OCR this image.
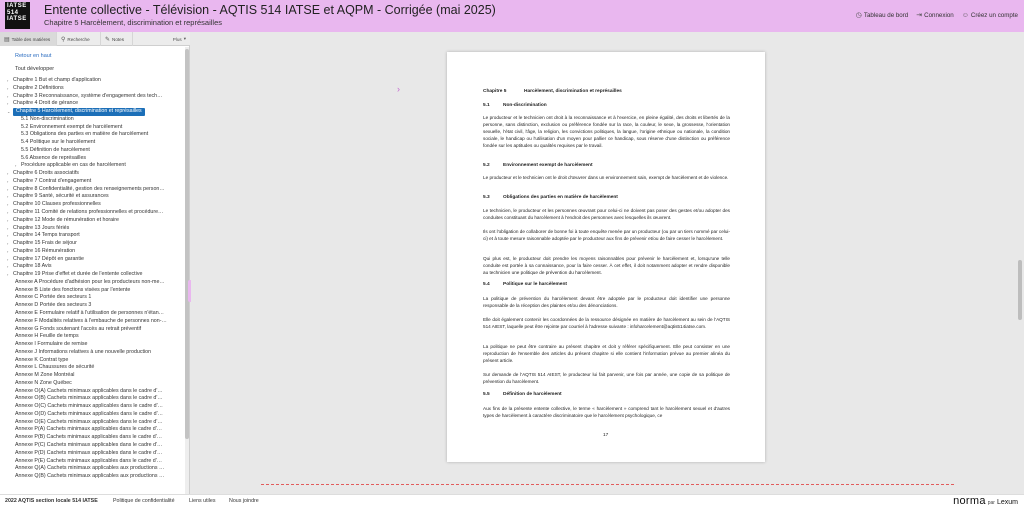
IATSE
514
IATSE
Entente collective - Télévision - AQTIS 514 IATSE et AQPM - Corrigée (mai 2025)
Chapitre 5 Harcèlement, discrimination et représailles
◷ Tableau de bord ⇥ Connexion ☺ Créez un compte
▤ Table des matières ⚲ Recherche	✎ Notes	Plus ▾
Retour en haut
Tout développer
› Chapitre 1 But et champ d'application
› Chapitre 2 Définitions
› Chapitre 3 Reconnaissance, système d'engagement des tech…
› Chapitre 4 Droit de gérance
⌄	Chapitre 5 Harcèlement, discrimination et représailles
5.1 Non-discrimination
5.2 Environnement exempt de harcèlement
5.3 Obligations des parties en matière de harcèlement
5.4 Politique sur le harcèlement
5.5 Définition de harcèlement
5.6 Absence de représailles
› Procédure applicable en cas de harcèlement
› Chapitre 6 Droits associatifs
› Chapitre 7 Contrat d'engagement
› Chapitre 8 Confidentialité, gestion des renseignements person…
› Chapitre 9 Santé, sécurité et assurances
› Chapitre 10 Clauses professionnelles
› Chapitre 11 Comité de relations professionnelles et procédure…
› Chapitre 12 Mode de rémunération et horaire
› Chapitre 13 Jours fériés
› Chapitre 14 Temps transport
› Chapitre 15 Frais de séjour
› Chapitre 16 Rémunération
› Chapitre 17 Dépôt en garantie
› Chapitre 18 Avis
› Chapitre 19 Prise d'effet et durée de l'entente collective
Annexe A Procédure d'adhésion pour les producteurs non-me…
Annexe B Liste des fonctions visées par l'entente
Annexe C Portée des secteurs 1
Annexe D Portée des secteurs 3
Annexe E Formulaire relatif à l'utilisation de personnes n'étan…
Annexe F Modalités relatives à l'embauche de personnes non-…
Annexe G Fonds soutenant l'accès au retrait préventif
Annexe H Feuille de temps
Annexe I Formulaire de remise
Annexe J Informations relatives à une nouvelle production
Annexe K Contrat type
Annexe L Chaussures de sécurité
Annexe M Zone Montréal
Annexe N Zone Québec
Annexe O(A) Cachets minimaux applicables dans le cadre d'…
Annexe O(B) Cachets minimaux applicables dans le cadre d'…
Annexe O(C) Cachets minimaux applicables dans le cadre d'…
Annexe O(D) Cachets minimaux applicables dans le cadre d'…
Annexe O(E) Cachets minimaux applicables dans le cadre d'…
Annexe P(A) Cachets minimaux applicables dans le cadre d'…
Annexe P(B) Cachets minimaux applicables dans le cadre d'…
Annexe P(C) Cachets minimaux applicables dans le cadre d'…
Annexe P(D) Cachets minimaux applicables dans le cadre d'…
Annexe P(E) Cachets minimaux applicables dans le cadre d'…
Annexe Q(A) Cachets minimaux applicables aux productions …
Annexe Q(B) Cachets minimaux applicables aux productions …
›	Chapitre 5	Harcèlement, discrimination et représailles
5.1	Non-discrimination
Le producteur et le technicien ont droit à la reconnaissance et à l'exercice, en pleine égalité, des droits et libertés de la personne, sans distinction, exclusion ou préférence fondée sur la race, la couleur, le sexe, la grossesse, l'orientation sexuelle, l'état civil, l'âge, la religion, les convictions politiques, la langue, l'origine ethnique ou nationale, la condition sociale, le handicap ou l'utilisation d'un moyen pour pallier ce handicap, sous réserve d'une distinction ou préférence fondée sur les aptitudes ou qualités requises par le travail.
5.2	Environnement exempt de harcèlement
Le producteur et le technicien ont le droit d'œuvrer dans un environnement sain, exempt de harcèlement et de violence.
5.3	Obligations des parties en matière de harcèlement
Le technicien, le producteur et les personnes œuvrant pour celui-ci ne doivent pas poser des gestes et/ou adopter des conduites constituant du harcèlement à l'endroit des personnes avec lesquelles ils œuvrent.
Ils ont l'obligation de collaborer de bonne foi à toute enquête menée par un producteur (ou par un tiers nommé par celui-ci) et à toute mesure raisonnable adoptée par le producteur aux fins de prévenir et/ou de faire cesser le harcèlement.
Qui plus est, le producteur doit prendre les moyens raisonnables pour prévenir le harcèlement et, lorsqu'une telle conduite est portée à sa connaissance, pour la faire cesser. À cet effet, il doit notamment adopter et rendre disponible au technicien une politique de prévention du harcèlement.
5.4	Politique sur le harcèlement
La politique de prévention du harcèlement devant être adoptée par le producteur doit identifier une personne responsable de la réception des plaintes et/ou des dénonciations.
Elle doit également contenir les coordonnées de la ressource désignée en matière de harcèlement au sein de l'AQTIS 514 AIEST, laquelle peut être rejointe par courriel à l'adresse suivante : infoharcelement@aqtis514iatse.com.
La politique ne peut être contraire au présent chapitre et doit y référer spécifiquement. Elle peut consister en une reproduction de l'ensemble des articles du présent chapitre si elle contient l'information prévue au premier alinéa du présent article.
Sur demande de l'AQTIS 514 AIEST, le producteur lui fait parvenir, une fois par année, une copie de sa politique de prévention du harcèlement.
5.5	Définition de harcèlement
Aux fins de la présente entente collective, le terme « harcèlement » comprend tant le harcèlement sexuel et d'autres types de harcèlement à caractère discriminatoire que le harcèlement psychologique, ce
17
2022 AQTIS section locale 514 IATSE	Politique de confidentialité	Liens utiles	Nous joindre	norma par Lexum
